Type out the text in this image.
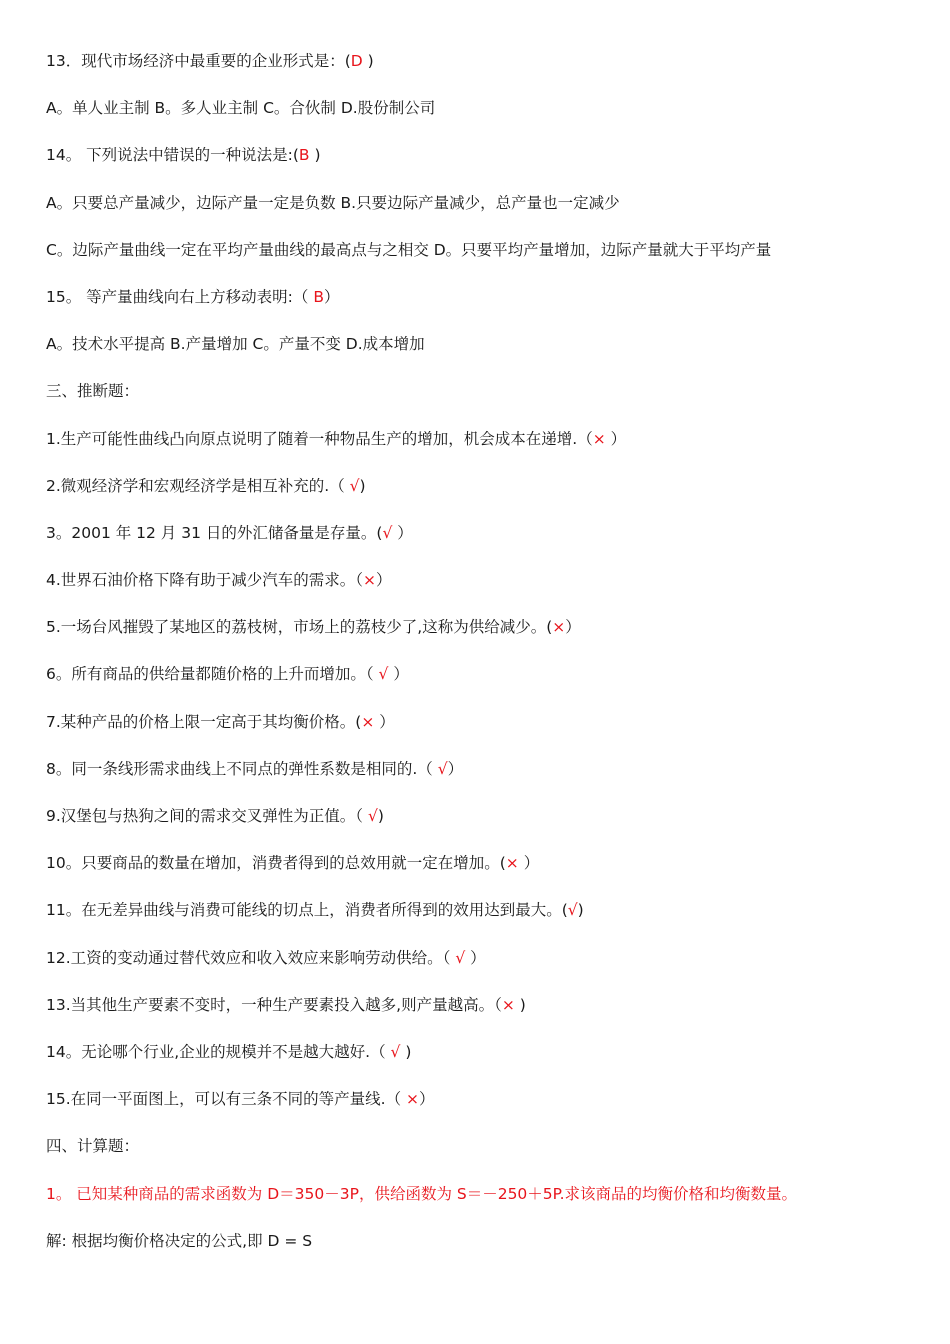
13．现代市场经济中最重要的企业形式是：(D )
A。单人业主制 B。多人业主制 C。合伙制 D.股份制公司
14。 下列说法中错误的一种说法是:(B )
A。只要总产量减少，边际产量一定是负数 B.只要边际产量减少，总产量也一定减少
C。边际产量曲线一定在平均产量曲线的最高点与之相交 D。只要平均产量增加，边际产量就大于平均产量
15。 等产量曲线向右上方移动表明:（ B）
A。技术水平提高 B.产量增加 C。产量不变 D.成本增加
三、推断题：
1.生产可能性曲线凸向原点说明了随着一种物品生产的增加，机会成本在递增.（× ）
2.微观经济学和宏观经济学是相互补充的.（ √)
3。2001 年 12 月 31 日的外汇储备量是存量。(√ ）
4.世界石油价格下降有助于减少汽车的需求。（×）
5.一场台风摧毁了某地区的荔枝树，市场上的荔枝少了,这称为供给减少。(×）
6。所有商品的供给量都随价格的上升而增加。（ √ ）
7.某种产品的价格上限一定高于其均衡价格。(× ）
8。同一条线形需求曲线上不同点的弹性系数是相同的.（ √）
9.汉堡包与热狗之间的需求交叉弹性为正值。（ √)
10。只要商品的数量在增加，消费者得到的总效用就一定在增加。(× ）
11。在无差异曲线与消费可能线的切点上，消费者所得到的效用达到最大。(√)
12.工资的变动通过替代效应和收入效应来影响劳动供给。（ √ ）
13.当其他生产要素不变时，一种生产要素投入越多,则产量越高。（× )
14。无论哪个行业,企业的规模并不是越大越好.（ √ )
15.在同一平面图上，可以有三条不同的等产量线.（ ×）
四、计算题：
1。 已知某种商品的需求函数为 D＝350－3P，供给函数为 S＝－250＋5P.求该商品的均衡价格和均衡数量。
解: 根据均衡价格决定的公式,即 D = S
